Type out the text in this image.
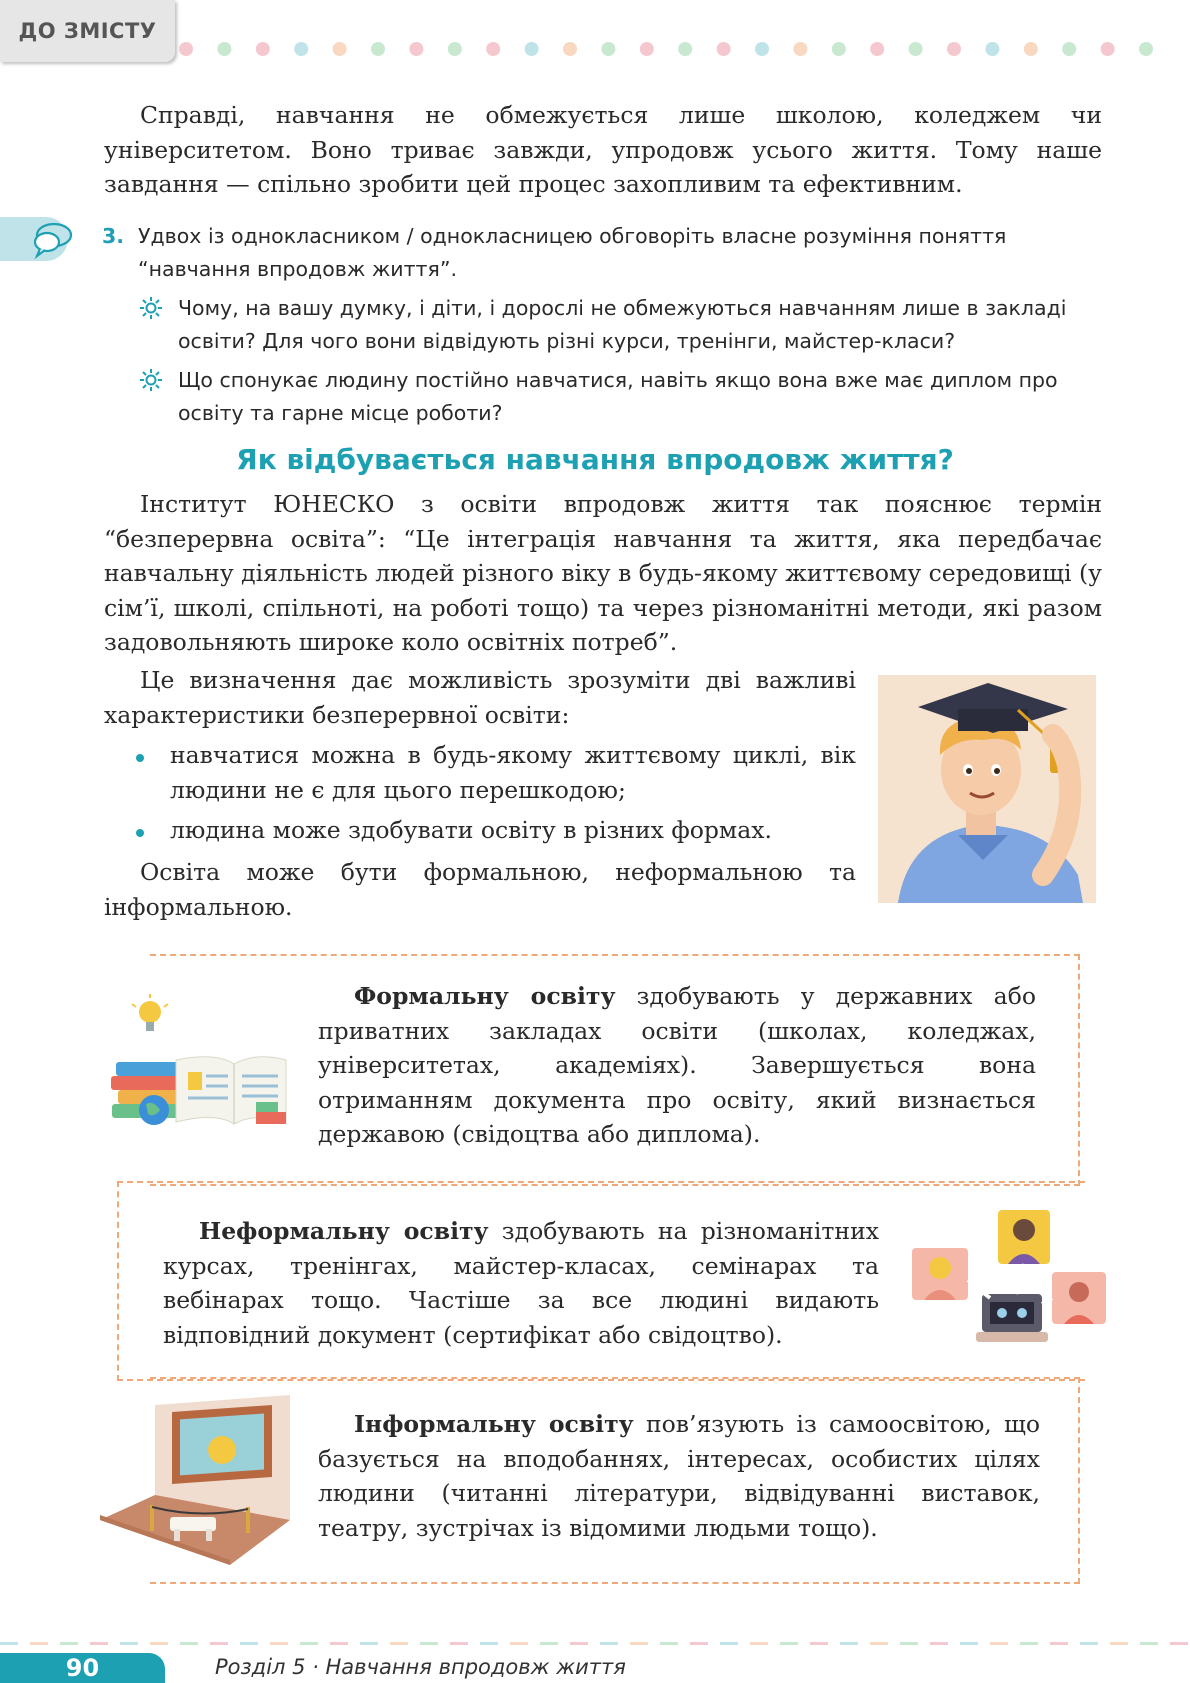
ДО ЗМІСТУ
Справді, навчання не обмежується лише школою, коледжем чи університетом. Воно триває завжди, упродовж усього життя. Тому наше завдання — спільно зробити цей процес захопливим та ефективним.
3. Удвох із однокласником / однокласницею обговоріть власне розуміння поняття “навчання впродовж життя”.
Чому, на вашу думку, і діти, і дорослі не обмежуються навчанням лише в закладі освіти? Для чого вони відвідують різні курси, тренінги, майстер-класи?
Що спонукає людину постійно навчатися, навіть якщо вона вже має диплом про освіту та гарне місце роботи?
Як відбувається навчання впродовж життя?
Інститут ЮНЕСКО з освіти впродовж життя так пояснює термін “безперервна освіта”: “Це інтеграція навчання та життя, яка передбачає навчальну діяльність людей різного віку в будь-якому життєвому середовищі (у сім’ї, школі, спільноті, на роботі тощо) та через різноманітні методи, які разом задовольняють широке коло освітніх потреб”.
Це визначення дає можливість зрозуміти дві важливі характеристики безперервної освіти:
навчатися можна в будь-якому життєвому циклі, вік людини не є для цього перешкодою;
людина може здобувати освіту в різних формах.
Освіта може бути формальною, неформальною та інформальною.
Формальну освіту здобувають у державних або приватних закладах освіти (школах, коледжах, університетах, академіях). Завершується вона отриманням документа про освіту, який визнається державою (свідоцтва або диплома).
Неформальну освіту здобувають на різноманітних курсах, тренінгах, майстер-класах, семінарах та вебінарах тощо. Частіше за все людині видають відповідний документ (сертифікат або свідоцтво).
Інформальну освіту пов’язують із самоосвітою, що базується на вподобаннях, інтересах, особистих цілях людини (читанні літератури, відвідуванні виставок, театру, зустрічах із відомими людьми тощо).
90	Розділ 5 · Навчання впродовж життя
